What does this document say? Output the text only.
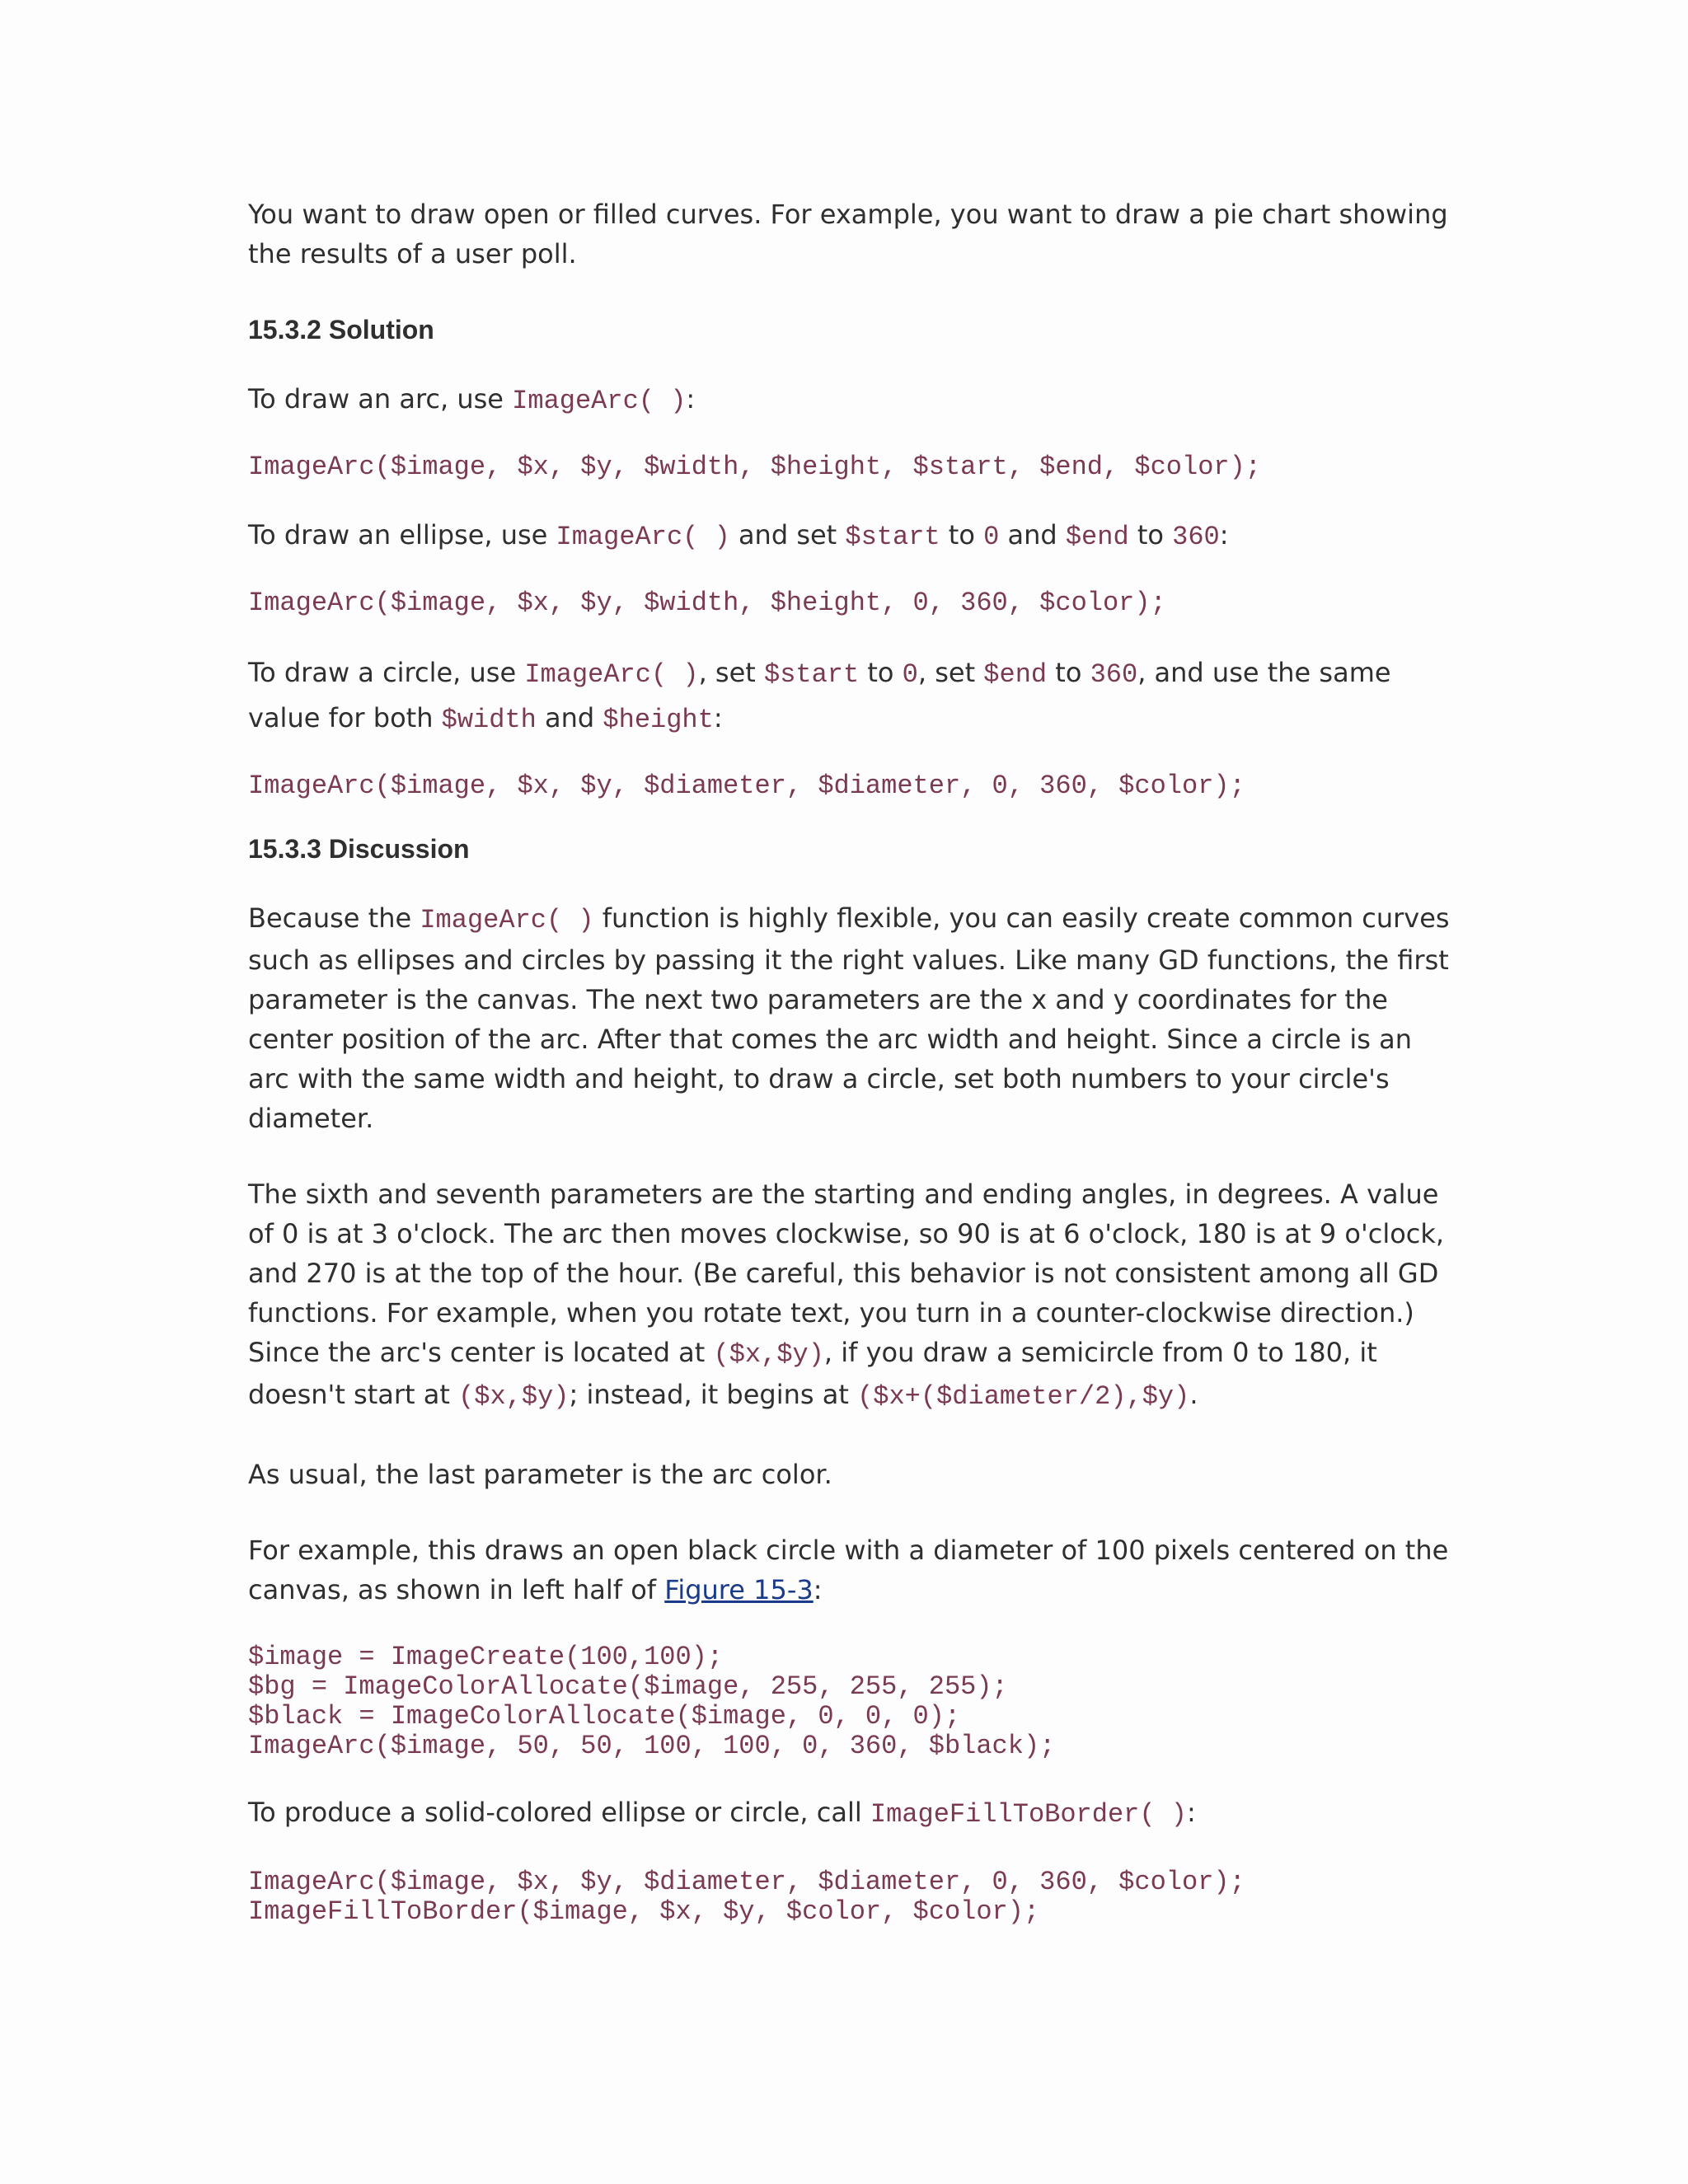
You want to draw open or filled curves. For example, you want to draw a pie chart showing the results of a user poll.

15.3.2 Solution

To draw an arc, use ImageArc( ):

ImageArc($image, $x, $y, $width, $height, $start, $end, $color);

To draw an ellipse, use ImageArc( ) and set $start to 0 and $end to 360:

ImageArc($image, $x, $y, $width, $height, 0, 360, $color);

To draw a circle, use ImageArc( ), set $start to 0, set $end to 360, and use the same value for both $width and $height:

ImageArc($image, $x, $y, $diameter, $diameter, 0, 360, $color);
15.3.3 Discussion

Because the ImageArc( ) function is highly flexible, you can easily create common curves such as ellipses and circles by passing it the right values. Like many GD functions, the first parameter is the canvas. The next two parameters are the x and y coordinates for the center position of the arc. After that comes the arc width and height. Since a circle is an arc with the same width and height, to draw a circle, set both numbers to your circle's diameter.

The sixth and seventh parameters are the starting and ending angles, in degrees. A value of 0 is at 3 o'clock. The arc then moves clockwise, so 90 is at 6 o'clock, 180 is at 9 o'clock, and 270 is at the top of the hour. (Be careful, this behavior is not consistent among all GD functions. For example, when you rotate text, you turn in a counter-clockwise direction.) Since the arc's center is located at ($x,$y), if you draw a semicircle from 0 to 180, it doesn't start at ($x,$y); instead, it begins at ($x+($diameter/2),$y).

As usual, the last parameter is the arc color.

For example, this draws an open black circle with a diameter of 100 pixels centered on the canvas, as shown in left half of Figure 15-3:

$image = ImageCreate(100,100);
$bg = ImageColorAllocate($image, 255, 255, 255);
$black = ImageColorAllocate($image, 0, 0, 0);
ImageArc($image, 50, 50, 100, 100, 0, 360, $black);

To produce a solid-colored ellipse or circle, call ImageFillToBorder( ):

ImageArc($image, $x, $y, $diameter, $diameter, 0, 360, $color);
ImageFillToBorder($image, $x, $y, $color, $color);
